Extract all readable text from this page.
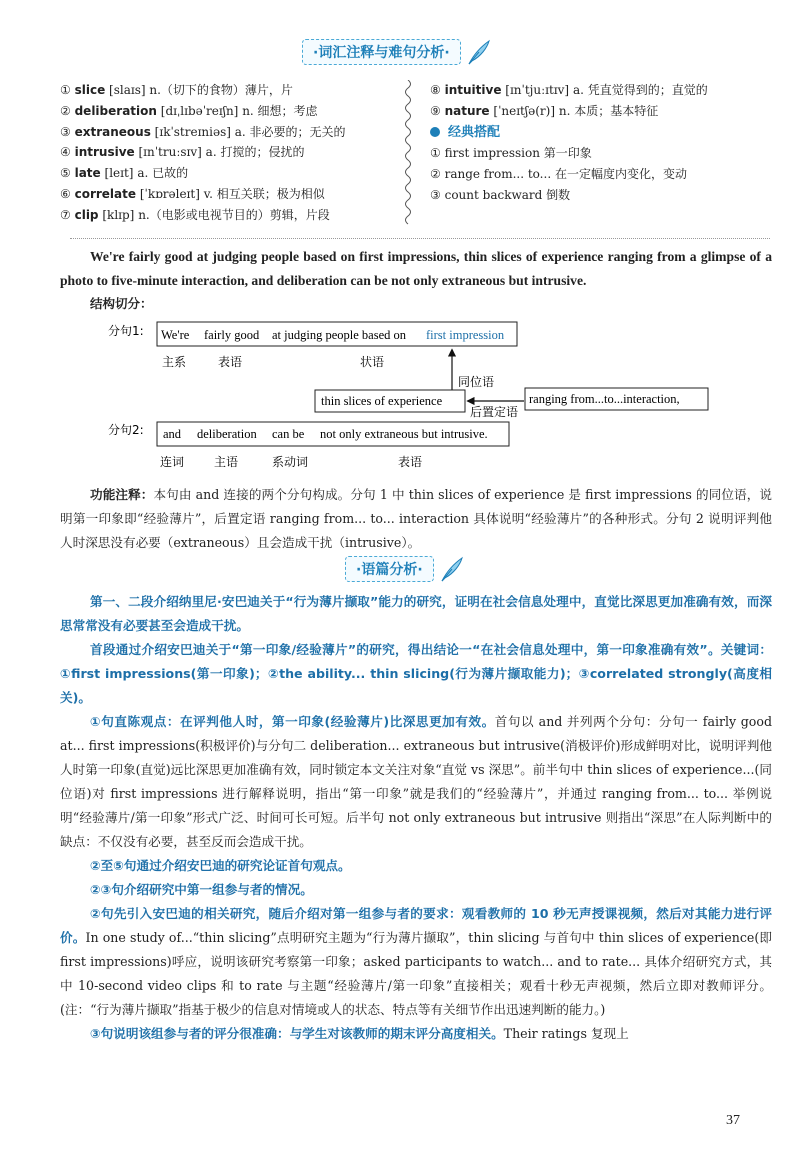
·词汇注释与难句分析·
① slice [slaɪs] n.（切下的食物）薄片，片
② deliberation [dɪˌlɪbəˈreɪʃn] n. 细想；考虑
③ extraneous [ɪkˈstreɪniəs] a. 非必要的；无关的
④ intrusive [ɪnˈtruːsɪv] a. 打搅的；侵扰的
⑤ late [leɪt] a. 已故的
⑥ correlate [ˈkɒrəleɪt] v. 相互关联；极为相似
⑦ clip [klɪp] n.（电影或电视节目的）剪辑，片段
⑧ intuitive [ɪnˈtjuːɪtɪv] a. 凭直觉得到的；直觉的
⑨ nature [ˈneɪtʃə(r)] n. 本质；基本特征
经典搭配
① first impression 第一印象
② range from... to... 在一定幅度内变化，变动
③ count backward 倒数
We're fairly good at judging people based on first impressions, thin slices of experience ranging from a glimpse of a photo to five-minute interaction, and deliberation can be not only extraneous but intrusive.
结构切分：
分句1: We're fairly good at judging people based on first impression
主系	表语	状语
同位语
thin slices of experience
后置定语
ranging from...to...interaction,
分句2: and deliberation can be not only extraneous but intrusive.
连词 主语	系动词	表语
功能注释：本句由 and 连接的两个分句构成。分句 1 中 thin slices of experience 是 first impressions 的同位语，说明第一印象即“经验薄片”，后置定语 ranging from... to... interaction 具体说明“经验薄片”的各种形式。分句 2 说明评判他人时深思没有必要（extraneous）且会造成干扰（intrusive）。
·语篇分析·
第一、二段介绍纳里尼·安巴迪关于“行为薄片撷取”能力的研究，证明在社会信息处理中，直觉比深思更加准确有效，而深思常常没有必要甚至会造成干扰。
首段通过介绍安巴迪关于“第一印象/经验薄片”的研究，得出结论一“在社会信息处理中，第一印象准确有效”。关键词：①first impressions(第一印象)；②the ability... thin slicing(行为薄片撷取能力)；③correlated strongly(高度相关)。
①句直陈观点：在评判他人时，第一印象(经验薄片)比深思更加有效。首句以 and 并列两个分句：分句一 fairly good at... first impressions(积极评价)与分句二 deliberation... extraneous but intrusive(消极评价)形成鲜明对比，说明评判他人时第一印象(直觉)远比深思更加准确有效，同时锁定本文关注对象“直觉 vs 深思”。前半句中 thin slices of experience...(同位语)对 first impressions 进行解释说明，指出“第一印象”就是我们的“经验薄片”，并通过 ranging from... to... 举例说明“经验薄片/第一印象”形式广泛、时间可长可短。后半句 not only extraneous but intrusive 则指出“深思”在人际判断中的缺点：不仅没有必要，甚至反而会造成干扰。
②至⑤句通过介绍安巴迪的研究论证首句观点。
②③句介绍研究中第一组参与者的情况。
②句先引入安巴迪的相关研究，随后介绍对第一组参与者的要求：观看教师的 10 秒无声授课视频，然后对其能力进行评价。In one study of...“thin slicing”点明研究主题为“行为薄片撷取”，thin slicing 与首句中 thin slices of experience(即 first impressions)呼应，说明该研究考察第一印象；asked participants to watch... and to rate... 具体介绍研究方式，其中 10-second video clips 和 to rate 与主题“经验薄片/第一印象”直接相关；观看十秒无声视频，然后立即对教师评分。(注：“行为薄片撷取”指基于极少的信息对情境或人的状态、特点等有关细节作出迅速判断的能力。)
③句说明该组参与者的评分很准确：与学生对该教师的期末评分高度相关。Their ratings 复现上
37
